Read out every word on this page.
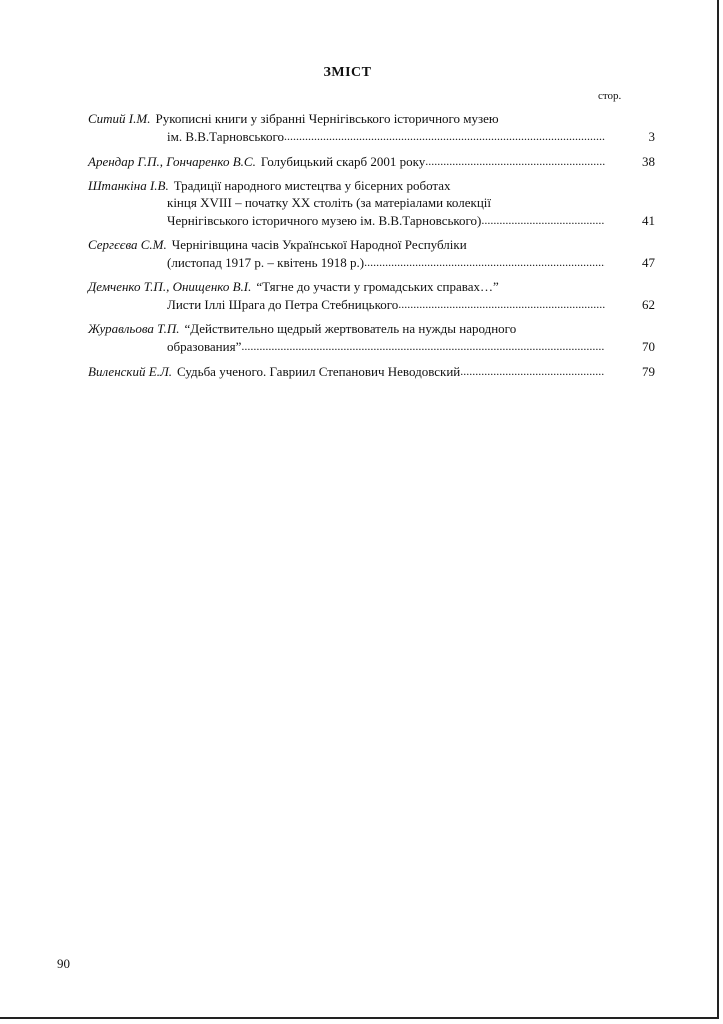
ЗМІСТ
стор.
Ситий І.М. Рукописні книги у зібранні Чернігівського історичного музею
ім. В.В.Тарновського .....	3
Арендар Г.П., Гончаренко В.С. Голубицький скарб 2001 року .....	38
Штанкіна І.В. Традиції народного мистецтва у бісерних роботах
кінця XVIII – початку XX століть (за матеріалами колекції
Чернігівського історичного музею ім. В.В.Тарновського) .....	41
Сергєєва С.М. Чернігівщина часів Української Народної Республіки
(листопад 1917 р. – квітень 1918 р.) .....	47
Демченко Т.П., Онищенко В.І. “Тягне до участи у громадських справах…”
Листи Іллі Шрага до Петра Стебницького .....	62
Журавльова Т.П. “Действительно щедрый жертвователь на нужды народного
образования” .....	70
Виленский Е.Л. Судьба ученого. Гавриил Степанович Неводовский .....	79
90
